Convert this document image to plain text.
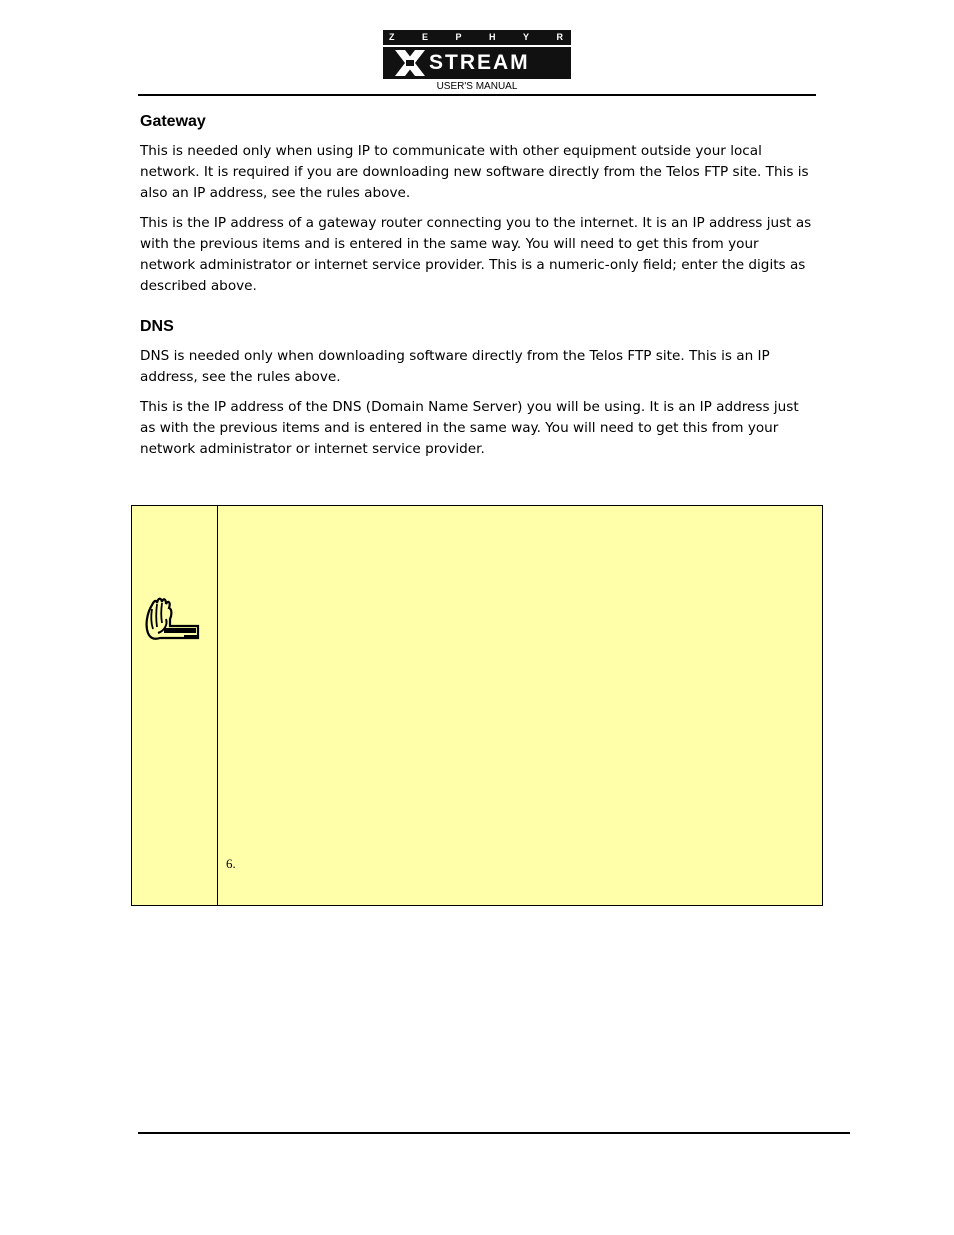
Z	E	P	H	Y	R
STREAM
USER'S MANUAL
Gateway

This is needed only when using IP to communicate with other equipment outside your local network. It is required if you are downloading new software directly from the Telos FTP site. This is also an IP address, see the rules above.

This is the IP address of a gateway router connecting you to the internet. It is an IP address just as with the previous items and is entered in the same way. You will need to get this from your network administrator or internet service provider. This is a numeric-only field; enter the digits as described above.

DNS

DNS is needed only when downloading software directly from the Telos FTP site. This is an IP address, see the rules above.

This is the IP address of the DNS (Domain Name Server) you will be using. It is an IP address just as with the previous items and is entered in the same way. You will need to get this from your network administrator or internet service provider.

6.
